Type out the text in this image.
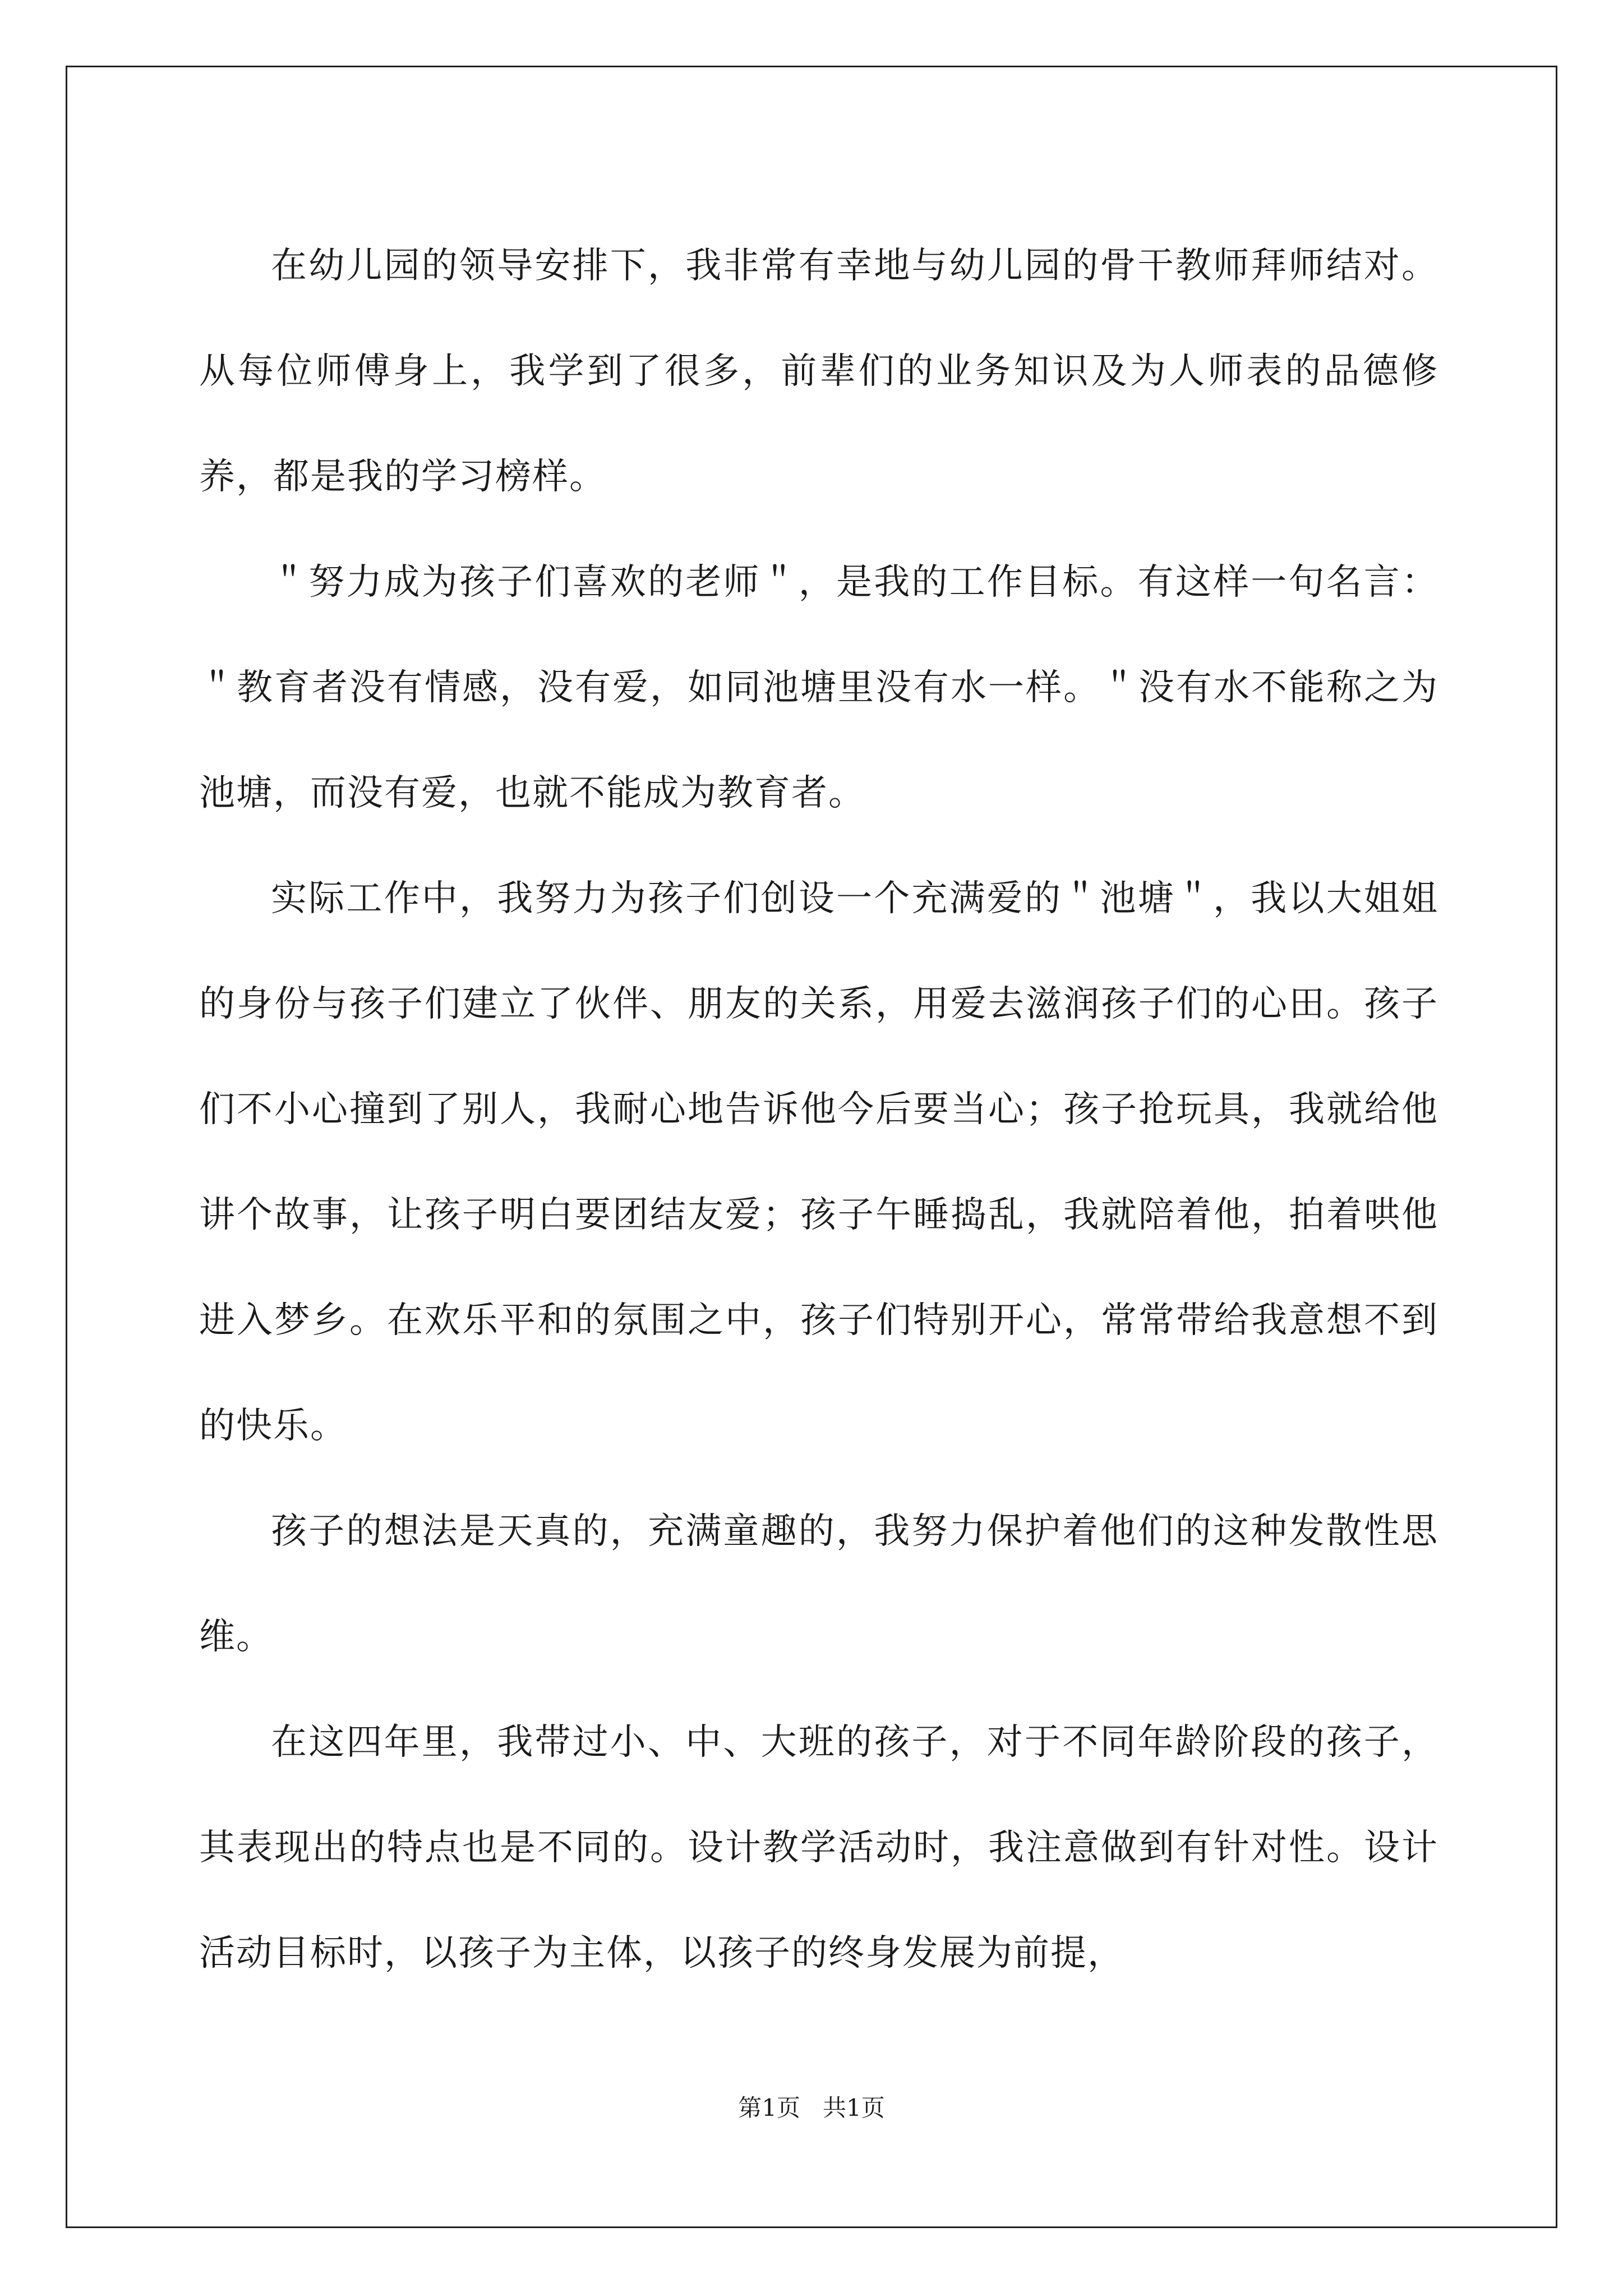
在幼儿园的领导安排下，我非常有幸地与幼儿园的骨干教师拜师结对。从每位师傅身上，我学到了很多，前辈们的业务知识及为人师表的品德修养，都是我的学习榜样。

＂努力成为孩子们喜欢的老师＂，是我的工作目标。有这样一句名言：＂教育者没有情感，没有爱，如同池塘里没有水一样。＂没有水不能称之为池塘，而没有爱，也就不能成为教育者。

实际工作中，我努力为孩子们创设一个充满爱的＂池塘＂，我以大姐姐的身份与孩子们建立了伙伴、朋友的关系，用爱去滋润孩子们的心田。孩子们不小心撞到了别人，我耐心地告诉他今后要当心；孩子抢玩具，我就给他讲个故事，让孩子明白要团结友爱；孩子午睡捣乱，我就陪着他，拍着哄他进入梦乡。在欢乐平和的氛围之中，孩子们特别开心，常常带给我意想不到的快乐。

孩子的想法是天真的，充满童趣的，我努力保护着他们的这种发散性思维。

在这四年里，我带过小、中、大班的孩子，对于不同年龄阶段的孩子，其表现出的特点也是不同的。设计教学活动时，我注意做到有针对性。设计活动目标时，以孩子为主体，以孩子的终身发展为前提，

第1页   共1页
